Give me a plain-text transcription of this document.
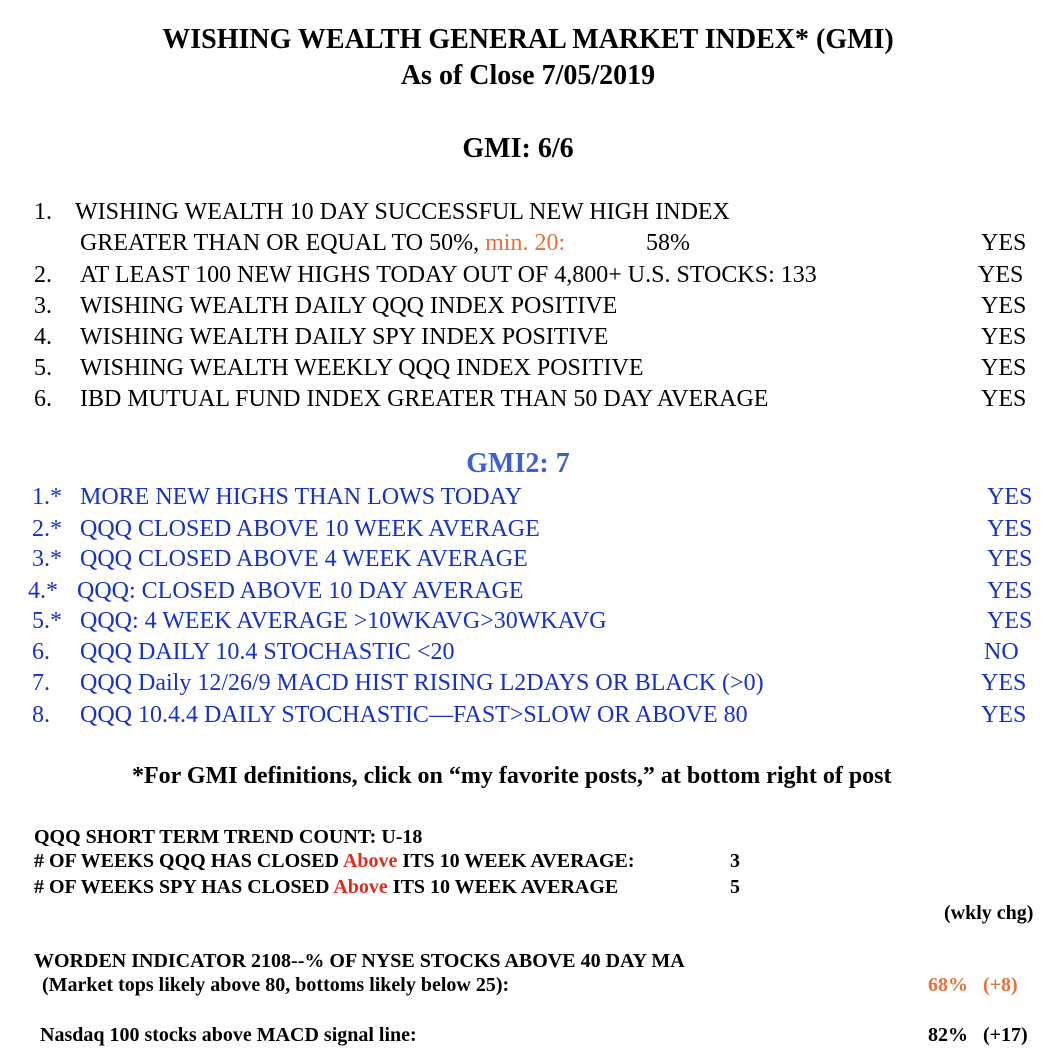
WISHING WEALTH GENERAL MARKET INDEX* (GMI)
As of Close 7/05/2019
GMI: 6/6
1. WISHING WEALTH 10 DAY SUCCESSFUL NEW HIGH INDEX
GREATER THAN OR EQUAL TO 50%, min. 20:	58%	YES
2. AT LEAST 100 NEW HIGHS TODAY OUT OF 4,800+ U.S. STOCKS: 133	YES
3. WISHING WEALTH DAILY QQQ INDEX POSITIVE	YES
4. WISHING WEALTH DAILY SPY INDEX POSITIVE	YES
5. WISHING WEALTH WEEKLY QQQ INDEX POSITIVE	YES
6. IBD MUTUAL FUND INDEX GREATER THAN 50 DAY AVERAGE	YES
GMI2: 7
1.* MORE NEW HIGHS THAN LOWS TODAY	YES
2.* QQQ CLOSED ABOVE 10 WEEK AVERAGE	YES
3.* QQQ CLOSED ABOVE 4 WEEK AVERAGE	YES
4.* QQQ: CLOSED ABOVE 10 DAY AVERAGE	YES
5.* QQQ: 4 WEEK AVERAGE >10WKAVG>30WKAVG	YES
6. QQQ DAILY 10.4 STOCHASTIC <20	NO
7. QQQ Daily 12/26/9 MACD HIST RISING L2DAYS OR BLACK (>0)	YES
8. QQQ 10.4.4 DAILY STOCHASTIC—FAST>SLOW OR ABOVE 80	YES
*For GMI definitions, click on “my favorite posts,” at bottom right of post
QQQ SHORT TERM TREND COUNT: U-18
# OF WEEKS QQQ HAS CLOSED Above ITS 10 WEEK AVERAGE:	3
# OF WEEKS SPY HAS CLOSED Above ITS 10 WEEK AVERAGE	5
(wkly chg)
WORDEN INDICATOR 2108--% OF NYSE STOCKS ABOVE 40 DAY MA
(Market tops likely above 80, bottoms likely below 25):	68%   (+8)
Nasdaq 100 stocks above MACD signal line:	82%   (+17)
